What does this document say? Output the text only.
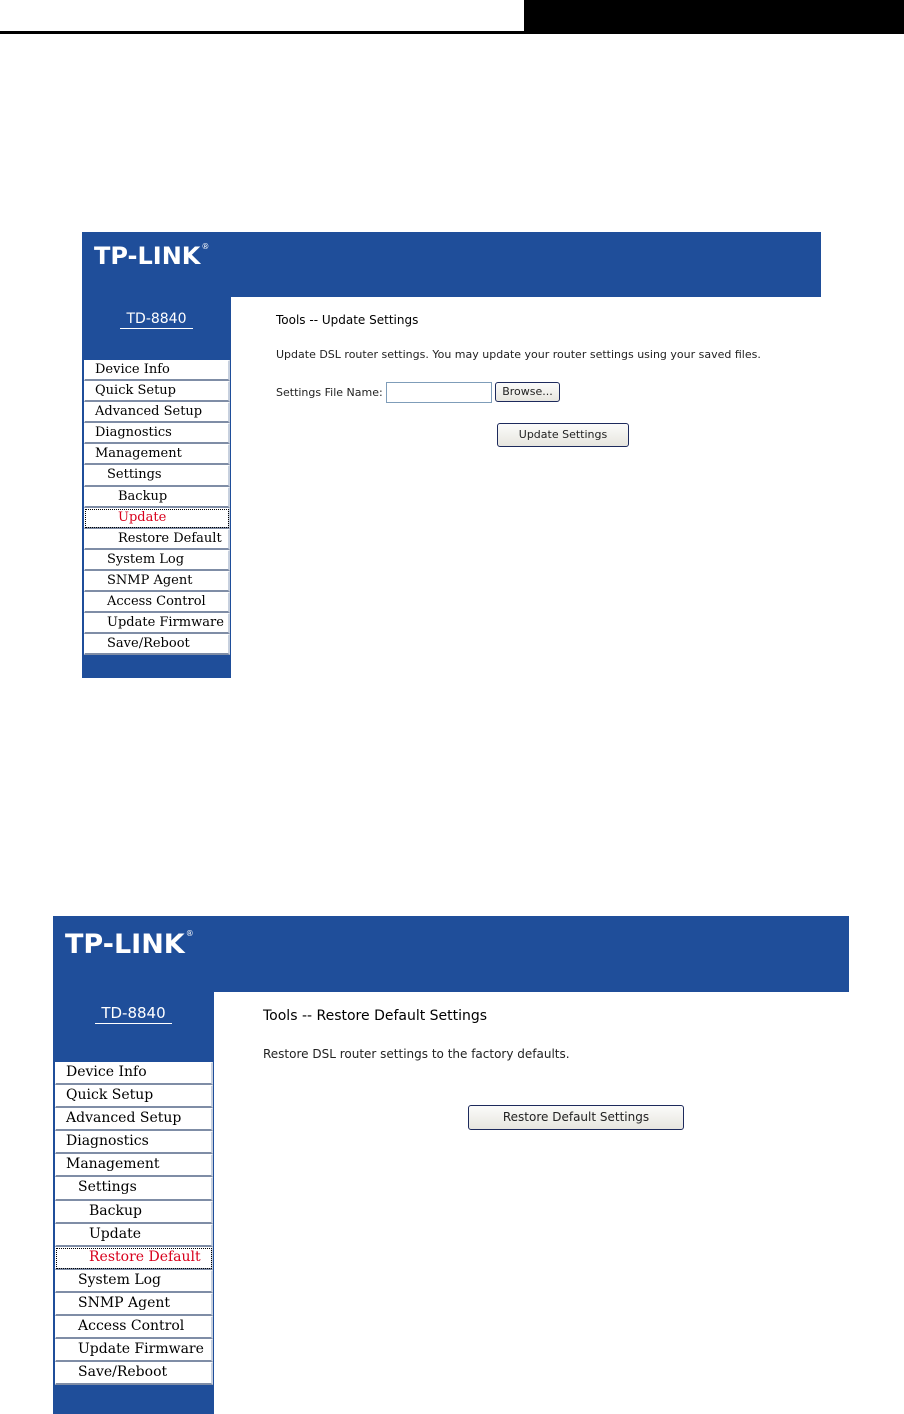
TP-LINK®
TD-8840
Device Info
Quick Setup
Advanced Setup
Diagnostics
Management
Settings
Backup
Update
Restore Default
System Log
SNMP Agent
Access Control
Update Firmware
Save/Reboot
Tools -- Update Settings
Update DSL router settings. You may update your router settings using your saved files.
Settings File Name:	Browse...
Update Settings
TP-LINK®
TD-8840
Device Info
Quick Setup
Advanced Setup
Diagnostics
Management
Settings
Backup
Update
Restore Default
System Log
SNMP Agent
Access Control
Update Firmware
Save/Reboot
Tools -- Restore Default Settings
Restore DSL router settings to the factory defaults.
Restore Default Settings
